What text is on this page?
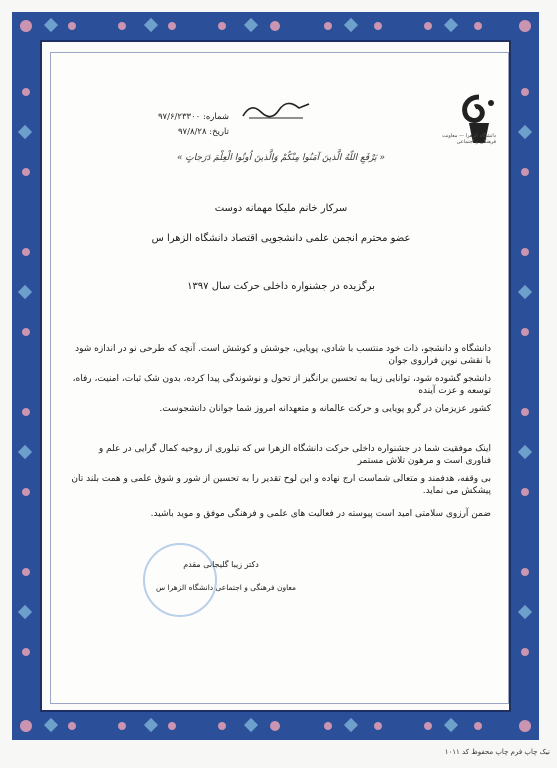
دانشگاه الزهرا — معاونت فرهنگی و اجتماعی
شماره: ۹۷/۶/۲۳۳۰۰
تاریخ: ۹۷/۸/۲۸
« یَرْفَعِ اللّهُ الَّذینَ آمَنُوا مِنْکُمْ وَالَّذینَ اُوتُوا الْعِلْمَ دَرَجاتٍ »
سرکار خانم ملیکا مهمانه دوست
عضو محترم انجمن علمی دانشجویی اقتصاد دانشگاه الزهرا س
برگزیده در جشنواره داخلی حرکت سال ۱۳۹۷
دانشگاه و دانشجو، ذات خود منتسب با شادی، پویایی، جوشش و کوشش است. آنچه که طرحی نو در اندازه شود با نقشی نوین فراروی جوان
دانشجو گشوده شود، توانایی زیبا به تحسین برانگیز از تحول و نوشوندگی پیدا کرده، بدون شک ثبات، امنیت، رفاه، توسعه و عزت آینده
کشور عزیزمان در گرو پویایی و حرکت عالمانه و متعهدانه امروز شما جوانان دانشجوست.
اینک موفقیت شما در جشنواره داخلی حرکت دانشگاه الزهرا س که تبلوری از روحیه کمال گرایی در علم و فناوری است و مرهون تلاش مستمر
بی وقفه، هدفمند و متعالی شماست ارج نهاده و این لوح تقدیر را به تحسین از شور و شوق علمی و همت بلند تان پیشکش می نماید.
ضمن آرزوی سلامتی امید است پیوسته در فعالیت های علمی و فرهنگی موفق و موید باشید.
دکتر زیبا گلیجانی مقدم
معاون فرهنگی و اجتماعی دانشگاه الزهرا س
نیک چاپ فرم چاپ محفوظ کد ۱۰۱۱
